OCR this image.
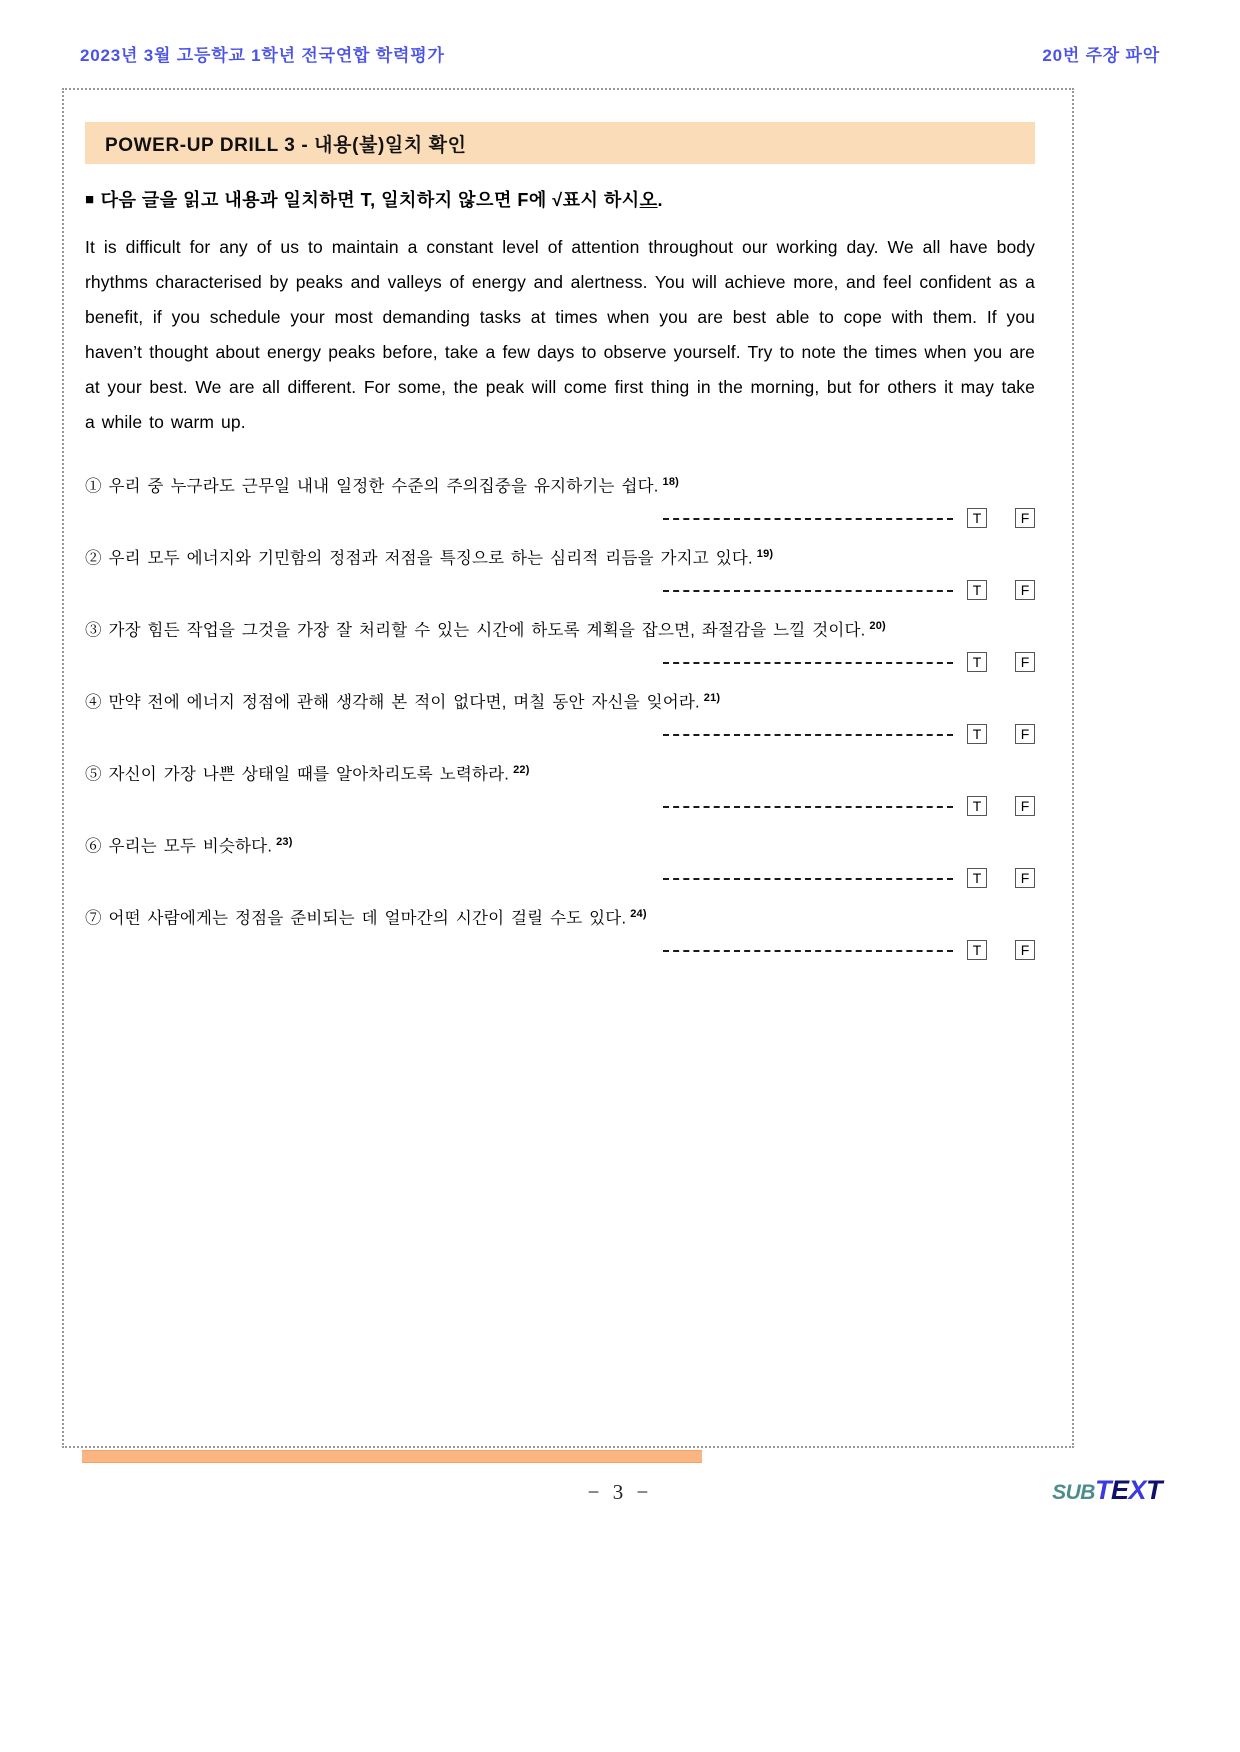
2023년 3월 고등학교 1학년 전국연합 학력평가	20번 주장 파악
POWER-UP DRILL 3 - 내용(불)일치 확인
■ 다음 글을 읽고 내용과 일치하면 T, 일치하지 않으면 F에 √표시 하시오.
It is difficult for any of us to maintain a constant level of attention throughout our working day. We all have body rhythms characterised by peaks and valleys of energy and alertness. You will achieve more, and feel confident as a benefit, if you schedule your most demanding tasks at times when you are best able to cope with them. If you haven’t thought about energy peaks before, take a few days to observe yourself. Try to note the times when you are at your best. We are all different. For some, the peak will come first thing in the morning, but for others it may take a while to warm up.
① 우리 중 누구라도 근무일 내내 일정한 수준의 주의집중을 유지하기는 쉽다. $^{18)}$
T	F
② 우리 모두 에너지와 기민함의 정점과 저점을 특징으로 하는 심리적 리듬을 가지고 있다. $^{19)}$
T	F
③ 가장 힘든 작업을 그것을 가장 잘 처리할 수 있는 시간에 하도록 계획을 잡으면, 좌절감을 느낄 것이다. $^{20)}$
T	F
④ 만약 전에 에너지 정점에 관해 생각해 본 적이 없다면, 며칠 동안 자신을 잊어라. $^{21)}$
T	F
⑤ 자신이 가장 나쁜 상태일 때를 알아차리도록 노력하라. $^{22)}$
T	F
⑥ 우리는 모두 비슷하다. $^{23)}$
T	F
⑦ 어떤 사람에게는 정점을 준비되는 데 얼마간의 시간이 걸릴 수도 있다. $^{24)}$
T	F
− 3 −	SUBTEXT
